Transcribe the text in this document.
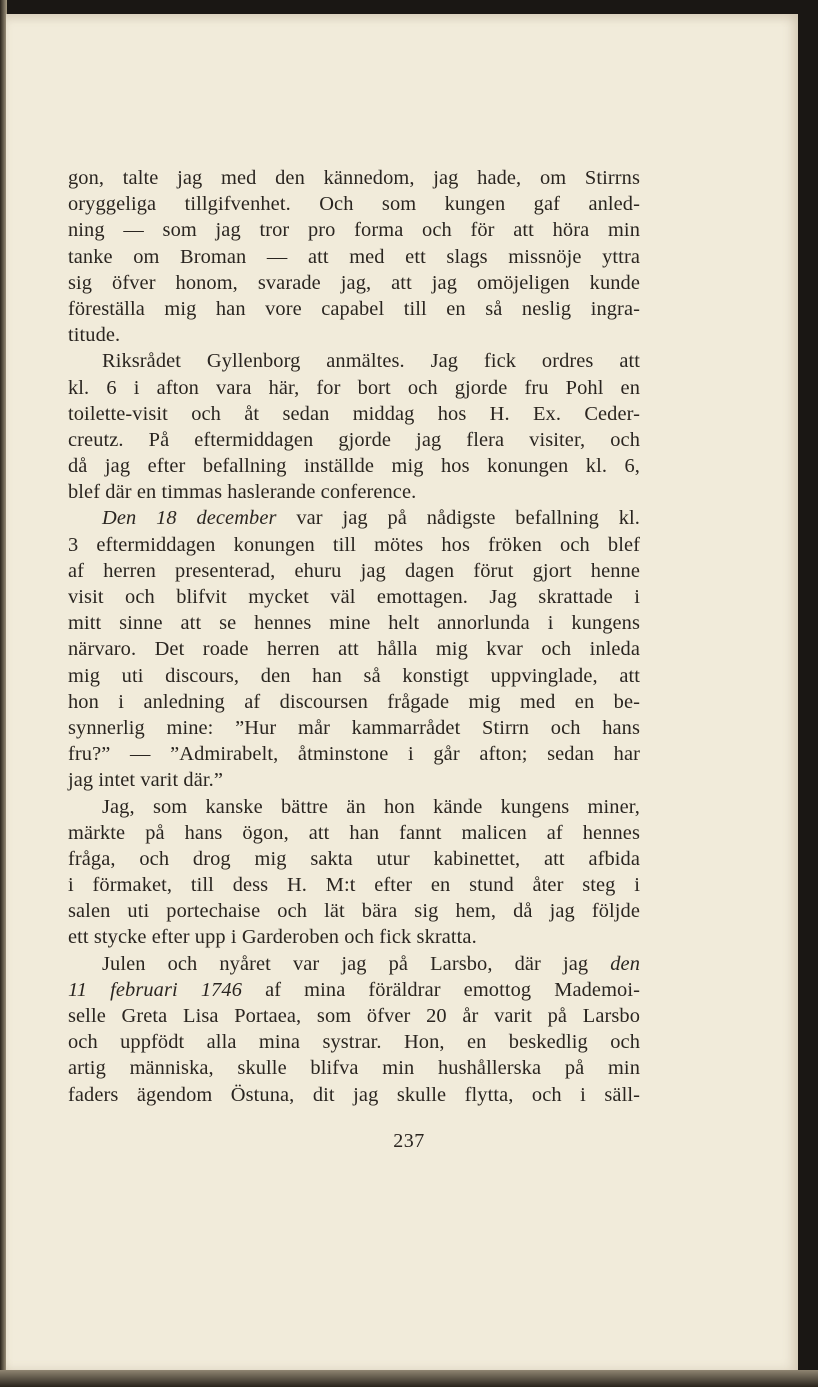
gon, talte jag med den kännedom, jag hade, om Stirrns
oryggeliga tillgifvenhet. Och som kungen gaf anled-
ning — som jag tror pro forma och för att höra min
tanke om Broman — att med ett slags missnöje yttra
sig öfver honom, svarade jag, att jag omöjeligen kunde
föreställa mig han vore capabel till en så neslig ingra-
titude.
Riksrådet Gyllenborg anmältes. Jag fick ordres att
kl. 6 i afton vara här, for bort och gjorde fru Pohl en
toilette-visit och åt sedan middag hos H. Ex. Ceder-
creutz. På eftermiddagen gjorde jag flera visiter, och
då jag efter befallning inställde mig hos konungen kl. 6,
blef där en timmas haslerande conference.
Den 18 december var jag på nådigste befallning kl.
3 eftermiddagen konungen till mötes hos fröken och blef
af herren presenterad, ehuru jag dagen förut gjort henne
visit och blifvit mycket väl emottagen. Jag skrattade i
mitt sinne att se hennes mine helt annorlunda i kungens
närvaro. Det roade herren att hålla mig kvar och inleda
mig uti discours, den han så konstigt uppvinglade, att
hon i anledning af discoursen frågade mig med en be-
synnerlig mine: ”Hur mår kammarrådet Stirrn och hans
fru?” — ”Admirabelt, åtminstone i går afton; sedan har
jag intet varit där.”
Jag, som kanske bättre än hon kände kungens miner,
märkte på hans ögon, att han fannt malicen af hennes
fråga, och drog mig sakta utur kabinettet, att afbida
i förmaket, till dess H. M:t efter en stund åter steg i
salen uti portechaise och lät bära sig hem, då jag följde
ett stycke efter upp i Garderoben och fick skratta.
Julen och nyåret var jag på Larsbo, där jag den
11 februari 1746 af mina föräldrar emottog Mademoi-
selle Greta Lisa Portaea, som öfver 20 år varit på Larsbo
och uppfödt alla mina systrar. Hon, en beskedlig och
artig människa, skulle blifva min hushållerska på min
faders ägendom Östuna, dit jag skulle flytta, och i säll-
237
